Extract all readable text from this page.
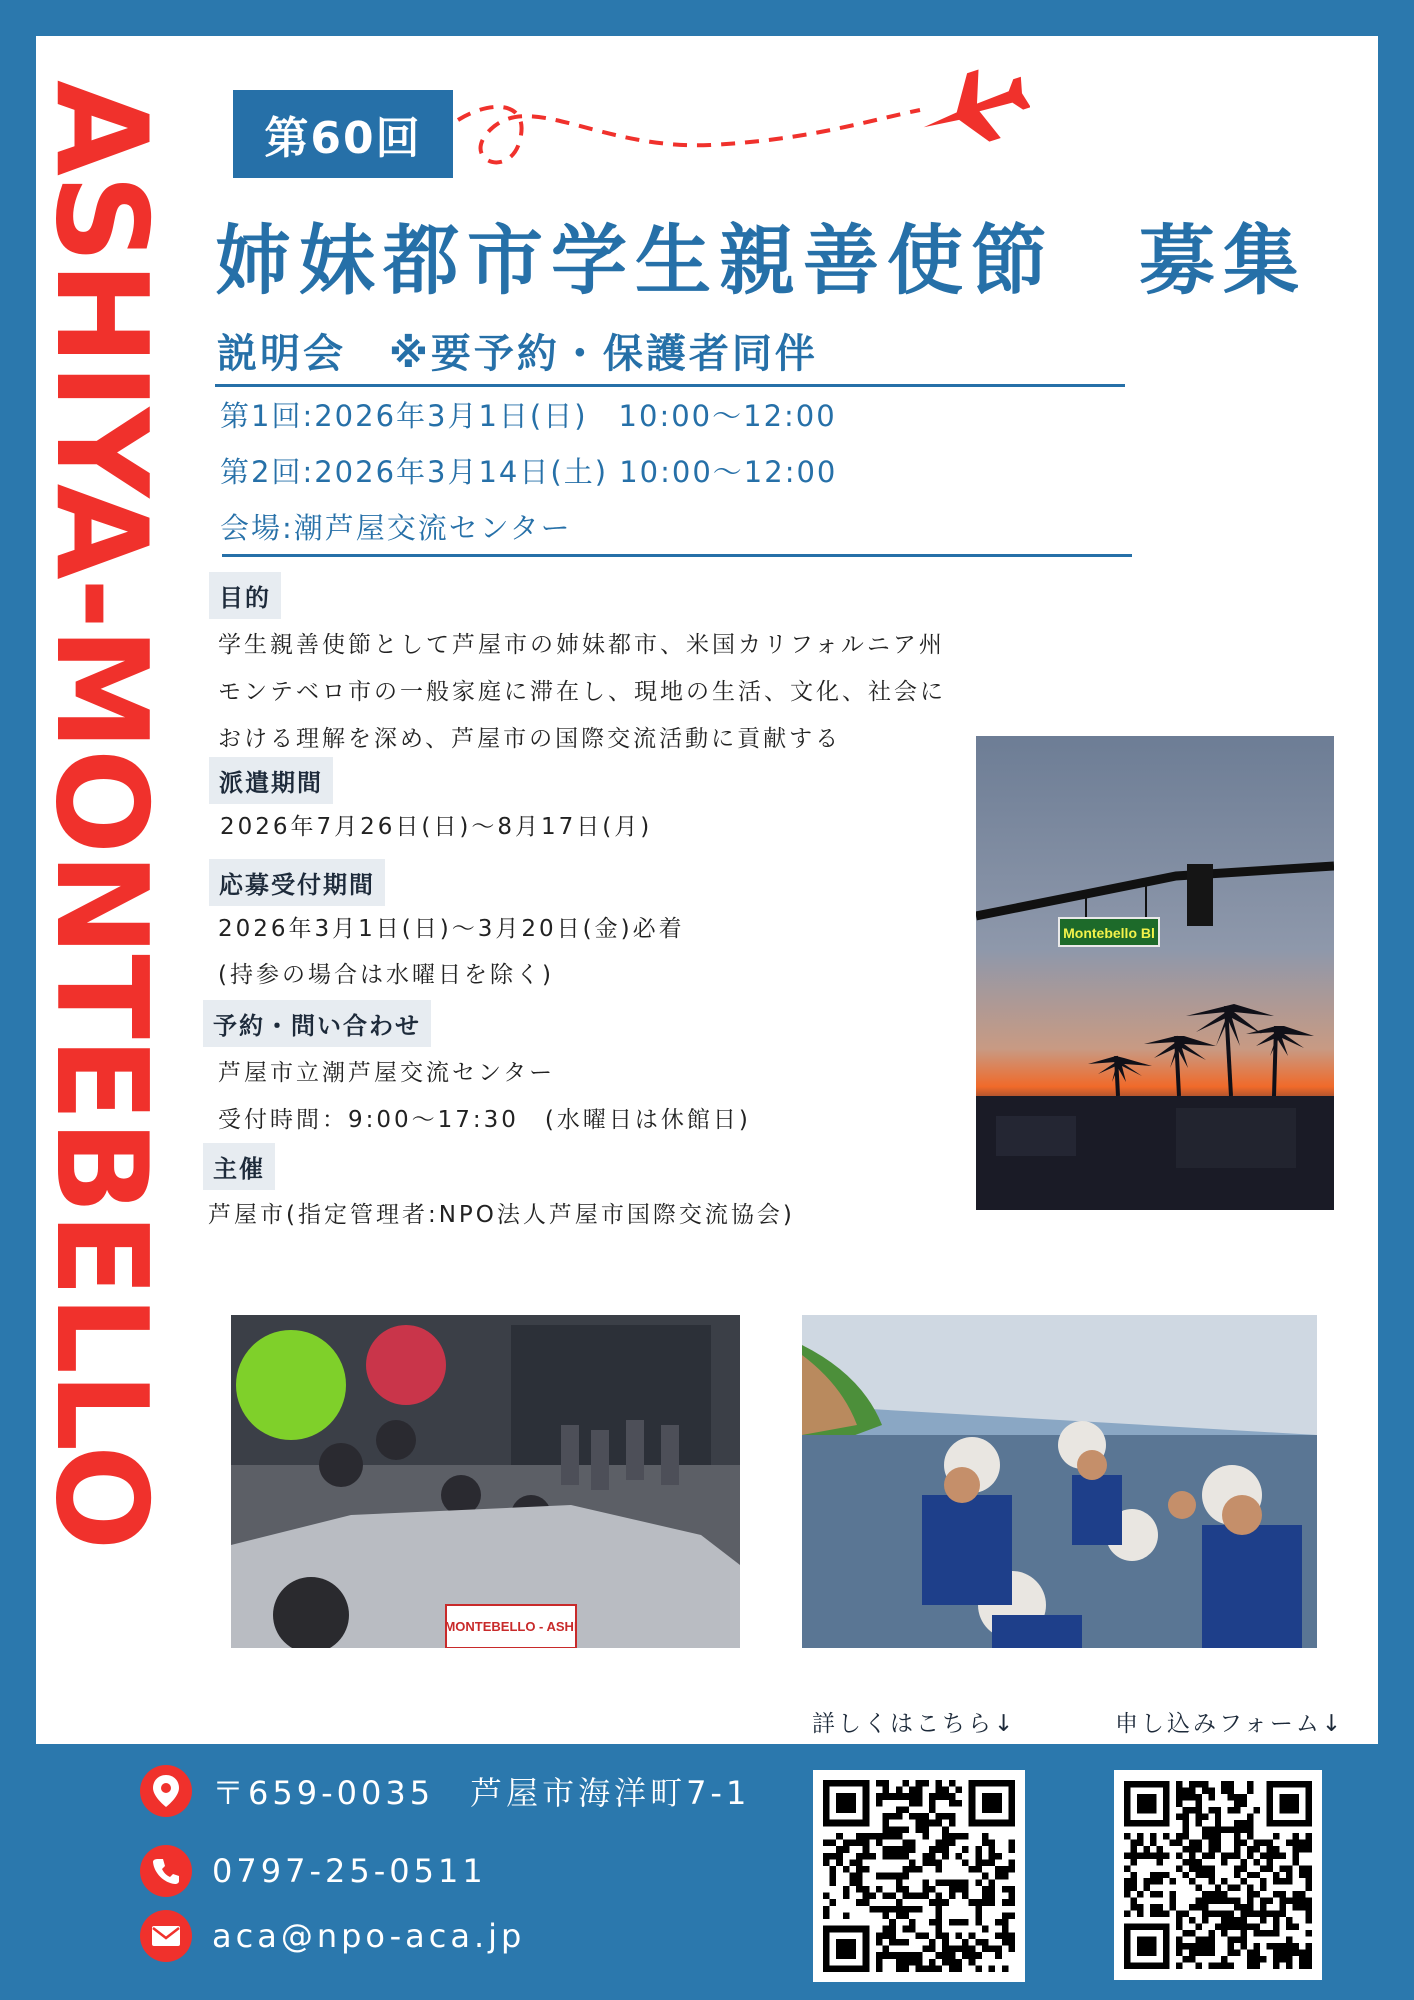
ASHIYA-MONTEBELLO	第60回
姉妹都市学生親善使節　募集
説明会　※要予約・保護者同伴
第1回:2026年3月1日(日)　10:00～12:00
第2回:2026年3月14日(土) 10:00～12:00
会場:潮芦屋交流センター
目的
学生親善使節として芦屋市の姉妹都市、米国カリフォルニア州
モンテベロ市の一般家庭に滞在し、現地の生活、文化、社会に
おける理解を深め、芦屋市の国際交流活動に貢献する
派遣期間
2026年7月26日(日)～8月17日(月)
応募受付期間
2026年3月1日(日)～3月20日(金)必着
(持参の場合は水曜日を除く)
予約・問い合わせ
芦屋市立潮芦屋交流センター
受付時間：9:00～17:30　(水曜日は休館日)
主催
芦屋市(指定管理者:NPO法人芦屋市国際交流協会)
Montebello Bl
MONTEBELLO - ASHI
詳しくはこちら↓	申し込みフォーム↓
〒659‐0035　芦屋市海洋町7-1
0797‐25‐0511
aca@npo-aca.jp
